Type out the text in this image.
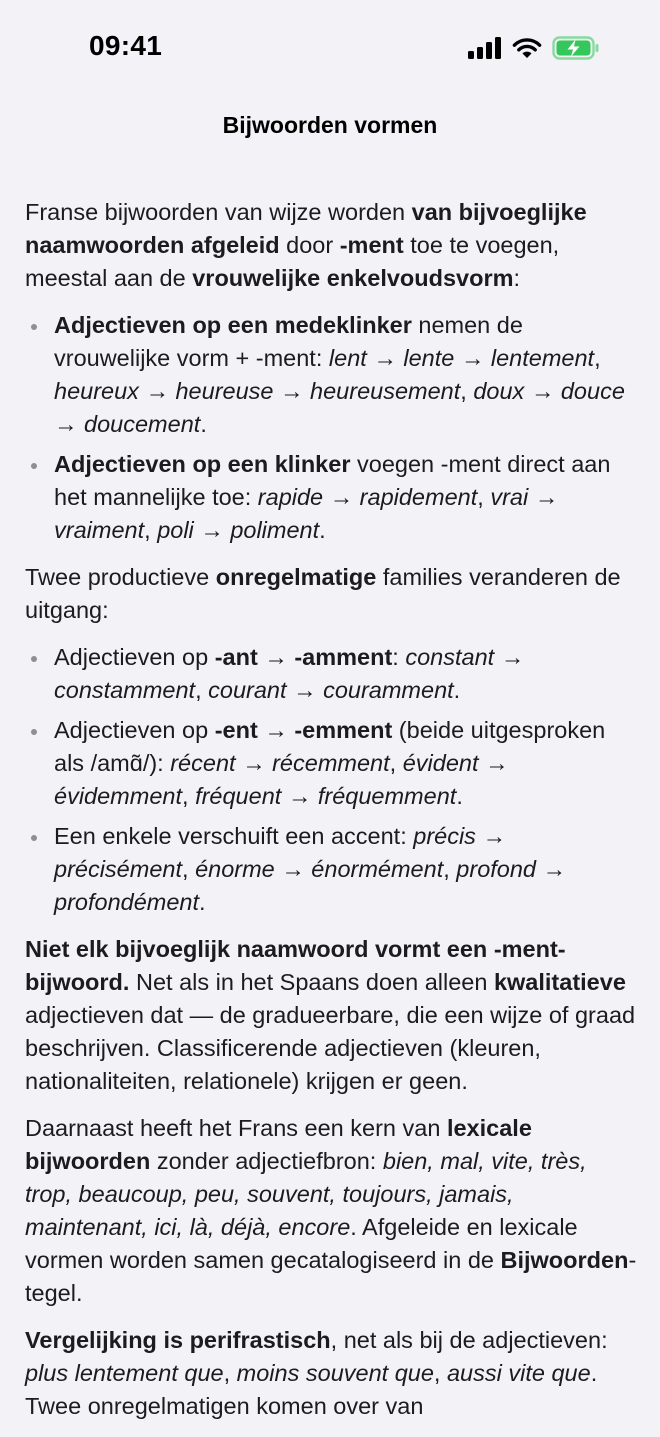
09:41
Bijwoorden vormen

Franse bijwoorden van wijze worden van bijvoeglijke naamwoorden afgeleid door -ment toe te voegen, meestal aan de vrouwelijke enkelvoudsvorm:

Adjectieven op een medeklinker nemen de vrouwelijke vorm + -ment: lent → lente → lentement, heureux → heureuse → heureusement, doux → douce → doucement.
Adjectieven op een klinker voegen -ment direct aan het mannelijke toe: rapide → rapidement, vrai → vraiment, poli → poliment.

Twee productieve onregelmatige families veranderen de uitgang:

Adjectieven op -ant → -amment: constant → constamment, courant → couramment.
Adjectieven op -ent → -emment (beide uitgesproken als /amɑ̃/): récent → récemment, évident → évidemment, fréquent → fréquemment.
Een enkele verschuift een accent: précis → précisément, énorme → énormément, profond → profondément.

Niet elk bijvoeglijk naamwoord vormt een -ment-bijwoord. Net als in het Spaans doen alleen kwalitatieve adjectieven dat — de gradueerbare, die een wijze of graad beschrijven. Classificerende adjectieven (kleuren, nationaliteiten, relationele) krijgen er geen.

Daarnaast heeft het Frans een kern van lexicale bijwoorden zonder adjectiefbron: bien, mal, vite, très, trop, beaucoup, peu, souvent, toujours, jamais, maintenant, ici, là, déjà, encore. Afgeleide en lexicale vormen worden samen gecatalogiseerd in de Bijwoorden-tegel.

Vergelijking is perifrastisch, net als bij de adjectieven: plus lentement que, moins souvent que, aussi vite que. Twee onregelmatigen komen over van
